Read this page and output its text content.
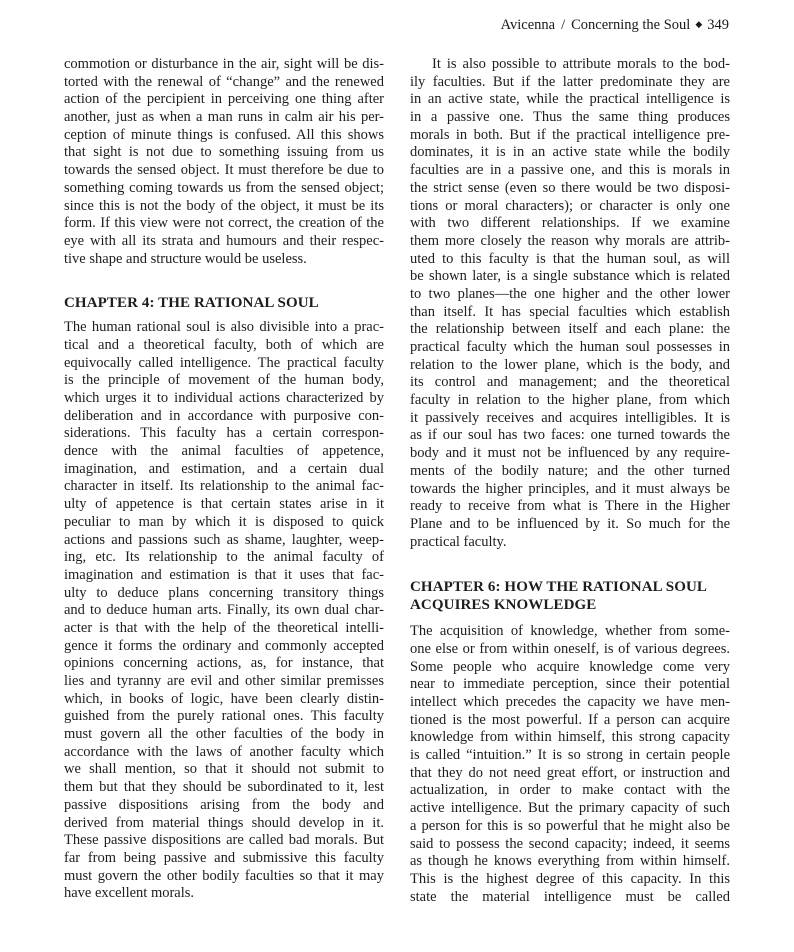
Avicenna / Concerning the Soul ◆ 349
commotion or disturbance in the air, sight will be dis-
torted with the renewal of “change” and the renewed
action of the percipient in perceiving one thing after
another, just as when a man runs in calm air his per-
ception of minute things is confused. All this shows
that sight is not due to something issuing from us
towards the sensed object. It must therefore be due to
something coming towards us from the sensed object;
since this is not the body of the object, it must be its
form. If this view were not correct, the creation of the
eye with all its strata and humours and their respec-
tive shape and structure would be useless.
CHAPTER 4: THE RATIONAL SOUL
The human rational soul is also divisible into a prac-
tical and a theoretical faculty, both of which are
equivocally called intelligence. The practical faculty
is the principle of movement of the human body,
which urges it to individual actions characterized by
deliberation and in accordance with purposive con-
siderations. This faculty has a certain correspon-
dence with the animal faculties of appetence,
imagination, and estimation, and a certain dual
character in itself. Its relationship to the animal fac-
ulty of appetence is that certain states arise in it
peculiar to man by which it is disposed to quick
actions and passions such as shame, laughter, weep-
ing, etc. Its relationship to the animal faculty of
imagination and estimation is that it uses that fac-
ulty to deduce plans concerning transitory things
and to deduce human arts. Finally, its own dual char-
acter is that with the help of the theoretical intelli-
gence it forms the ordinary and commonly accepted
opinions concerning actions, as, for instance, that
lies and tyranny are evil and other similar premisses
which, in books of logic, have been clearly distin-
guished from the purely rational ones. This faculty
must govern all the other faculties of the body in
accordance with the laws of another faculty which
we shall mention, so that it should not submit to
them but that they should be subordinated to it, lest
passive dispositions arising from the body and
derived from material things should develop in it.
These passive dispositions are called bad morals. But
far from being passive and submissive this faculty
must govern the other bodily faculties so that it may
have excellent morals.
It is also possible to attribute morals to the bod-
ily faculties. But if the latter predominate they are
in an active state, while the practical intelligence is
in a passive one. Thus the same thing produces
morals in both. But if the practical intelligence pre-
dominates, it is in an active state while the bodily
faculties are in a passive one, and this is morals in
the strict sense (even so there would be two disposi-
tions or moral characters); or character is only one
with two different relationships. If we examine
them more closely the reason why morals are attrib-
uted to this faculty is that the human soul, as will
be shown later, is a single substance which is related
to two planes—the one higher and the other lower
than itself. It has special faculties which establish
the relationship between itself and each plane: the
practical faculty which the human soul possesses in
relation to the lower plane, which is the body, and
its control and management; and the theoretical
faculty in relation to the higher plane, from which
it passively receives and acquires intelligibles. It is
as if our soul has two faces: one turned towards the
body and it must not be influenced by any require-
ments of the bodily nature; and the other turned
towards the higher principles, and it must always be
ready to receive from what is There in the Higher
Plane and to be influenced by it. So much for the
practical faculty.
CHAPTER 6: HOW THE RATIONAL SOUL
ACQUIRES KNOWLEDGE
The acquisition of knowledge, whether from some-
one else or from within oneself, is of various degrees.
Some people who acquire knowledge come very
near to immediate perception, since their potential
intellect which precedes the capacity we have men-
tioned is the most powerful. If a person can acquire
knowledge from within himself, this strong capacity
is called “intuition.” It is so strong in certain people
that they do not need great effort, or instruction and
actualization, in order to make contact with the
active intelligence. But the primary capacity of such
a person for this is so powerful that he might also be
said to possess the second capacity; indeed, it seems
as though he knows everything from within himself.
This is the highest degree of this capacity. In this
state the material intelligence must be called
